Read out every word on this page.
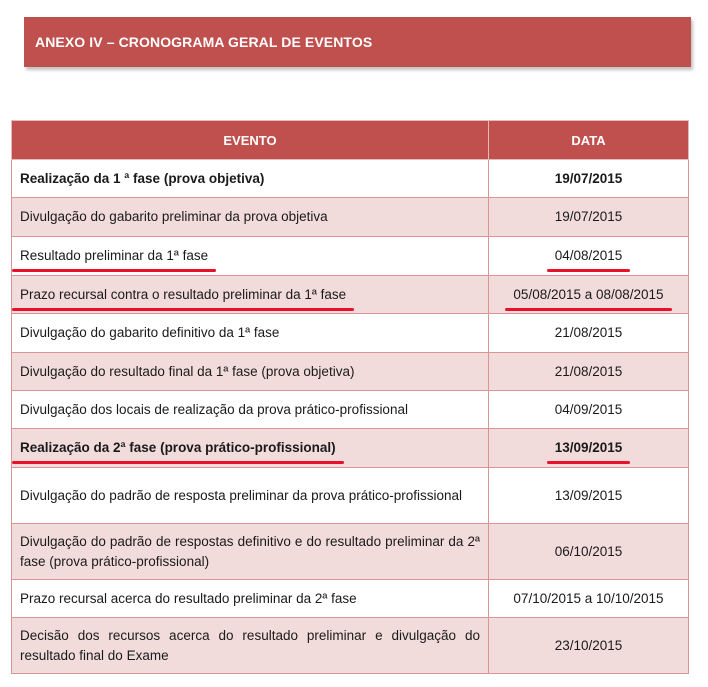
ANEXO IV – CRONOGRAMA GERAL DE EVENTOS
EVENTO	DATA
Realização da 1 ª fase (prova objetiva)	19/07/2015
Divulgação do gabarito preliminar da prova objetiva	19/07/2015
Resultado preliminar da 1ª fase	04/08/2015
Prazo recursal contra o resultado preliminar da 1ª fase	05/08/2015 a 08/08/2015
Divulgação do gabarito definitivo da 1ª fase	21/08/2015
Divulgação do resultado final da 1ª fase (prova objetiva)	21/08/2015
Divulgação dos locais de realização da prova prático-profissional	04/09/2015
Realização da 2ª fase (prova prático-profissional)	13/09/2015
Divulgação do padrão de resposta preliminar da prova prático-profissional	13/09/2015
Divulgação do padrão de respostas definitivo e do resultado preliminar da 2ª fase (prova prático-profissional)	06/10/2015
Prazo recursal acerca do resultado preliminar da 2ª fase	07/10/2015 a 10/10/2015
Decisão dos recursos acerca do resultado preliminar e divulgação do resultado final do Exame	23/10/2015
